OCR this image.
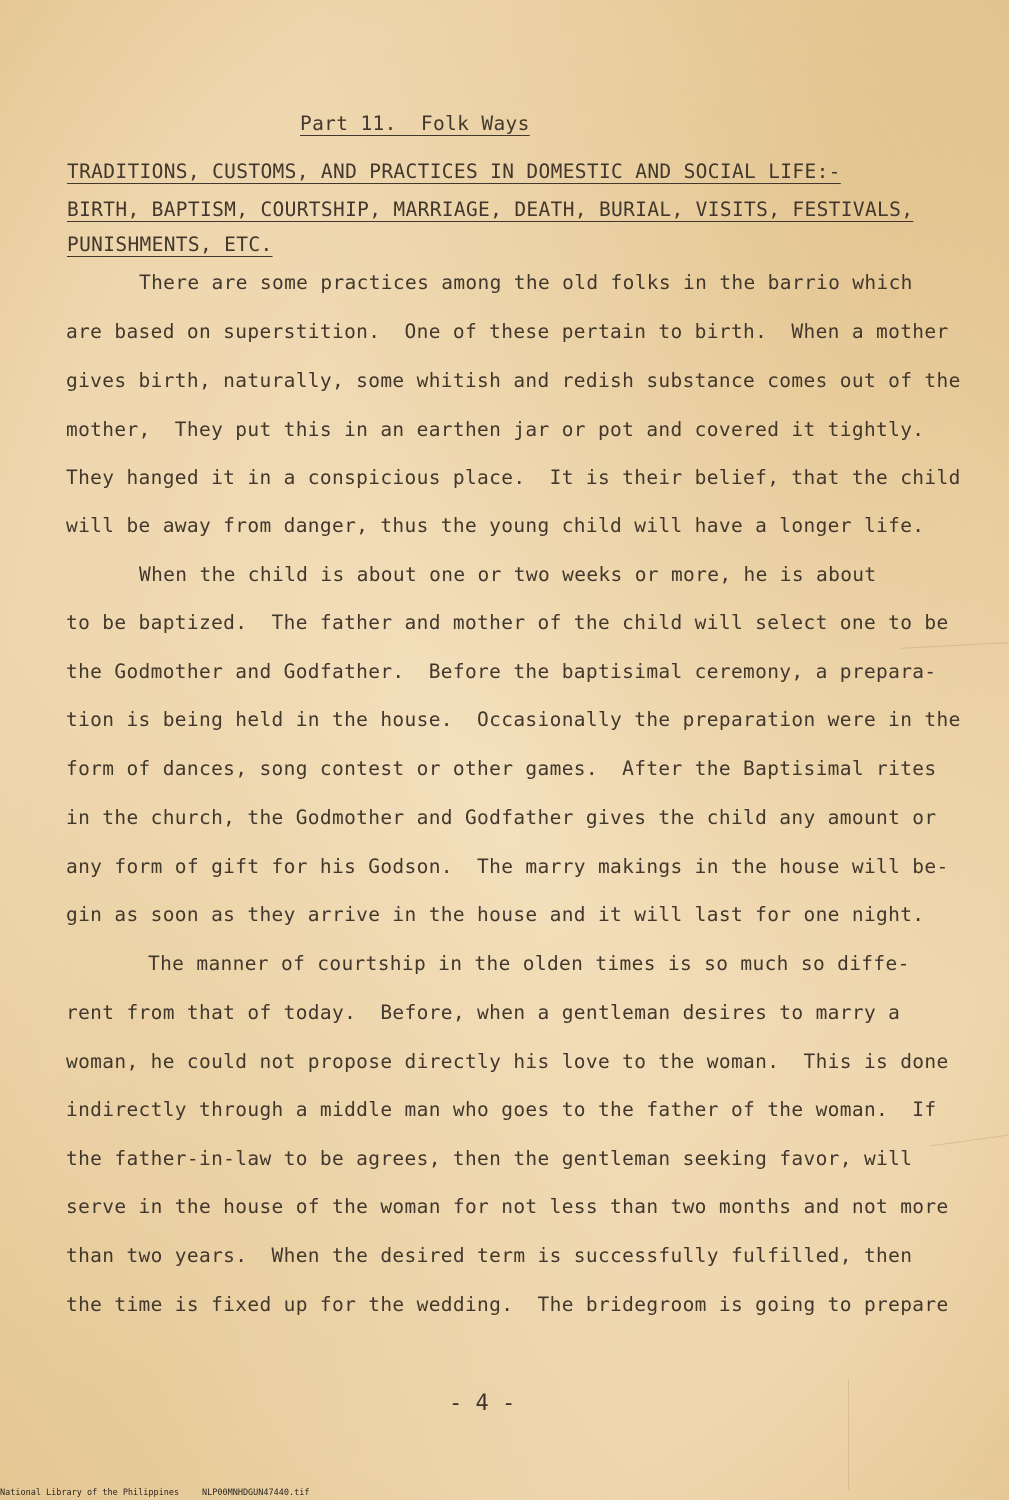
Part 11.  Folk Ways
TRADITIONS, CUSTOMS, AND PRACTICES IN DOMESTIC AND SOCIAL LIFE:-
BIRTH, BAPTISM, COURTSHIP, MARRIAGE, DEATH, BURIAL, VISITS, FESTIVALS,
PUNISHMENTS, ETC.
There are some practices among the old folks in the barrio which
are based on superstition.  One of these pertain to birth.  When a mother
gives birth, naturally, some whitish and redish substance comes out of the
mother,  They put this in an earthen jar or pot and covered it tightly.
They hanged it in a conspicious place.  It is their belief, that the child
will be away from danger, thus the young child will have a longer life.
When the child is about one or two weeks or more, he is about
to be baptized.  The father and mother of the child will select one to be
the Godmother and Godfather.  Before the baptisimal ceremony, a prepara-
tion is being held in the house.  Occasionally the preparation were in the
form of dances, song contest or other games.  After the Baptisimal rites
in the church, the Godmother and Godfather gives the child any amount or
any form of gift for his Godson.  The marry makings in the house will be-
gin as soon as they arrive in the house and it will last for one night.
The manner of courtship in the olden times is so much so diffe-
rent from that of today.  Before, when a gentleman desires to marry a
woman, he could not propose directly his love to the woman.  This is done
indirectly through a middle man who goes to the father of the woman.  If
the father-in-law to be agrees, then the gentleman seeking favor, will
serve in the house of the woman for not less than two months and not more
than two years.  When the desired term is successfully fulfilled, then
the time is fixed up for the wedding.  The bridegroom is going to prepare
- 4 -
National Library of the Philippines	NLP00MNHDGUN47440.tif
